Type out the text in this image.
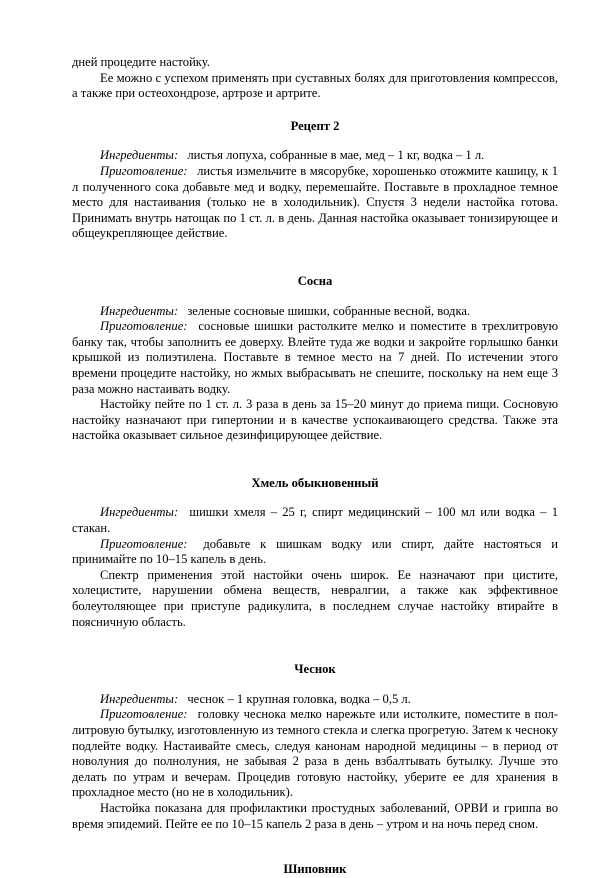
дней процедите настойку.

Ее можно с успехом применять при суставных болях для приготовления компрессов, а также при остеохондрозе, артрозе и артрите.

Рецепт 2

Ингредиенты: листья лопуха, собранные в мае, мед – 1 кг, водка – 1 л.

Приготовление: листья измельчите в мясорубке, хорошенько отожмите кашицу, к 1 л полученного сока добавьте мед и водку, перемешайте. Поставьте в прохладное темное место для настаивания (только не в холодильник). Спустя 3 недели настойка готова. Принимать внутрь натощак по 1 ст. л. в день. Данная настойка оказывает тонизирующее и общеукрепляющее действие.

Сосна

Ингредиенты: зеленые сосновые шишки, собранные весной, водка.

Приготовление: сосновые шишки растолките мелко и поместите в трехлитровую банку так, чтобы заполнить ее доверху. Влейте туда же водки и закройте горлышко банки крышкой из полиэтилена. Поставьте в темное место на 7 дней. По истечении этого времени процедите настойку, но жмых выбрасывать не спешите, поскольку на нем еще 3 раза можно настаивать водку.

Настойку пейте по 1 ст. л. 3 раза в день за 15–20 минут до приема пищи. Сосновую настойку назначают при гипертонии и в качестве успокаивающего средства. Также эта настойка оказывает сильное дезинфицирующее действие.

Хмель обыкновенный

Ингредиенты: шишки хмеля – 25 г, спирт медицинский – 100 мл или водка – 1 стакан.

Приготовление: добавьте к шишкам водку или спирт, дайте настояться и принимайте по 10–15 капель в день.

Спектр применения этой настойки очень широк. Ее назначают при цистите, холецистите, нарушении обмена веществ, невралгии, а также как эффективное болеутоляющее при приступе радикулита, в последнем случае настойку втирайте в поясничную область.

Чеснок

Ингредиенты: чеснок – 1 крупная головка, водка – 0,5 л.

Приготовление: головку чеснока мелко нарежьте или истолките, поместите в пол-литровую бутылку, изготовленную из темного стекла и слегка прогретую. Затем к чесноку подлейте водку. Настаивайте смесь, следуя канонам народной медицины – в период от новолуния до полнолуния, не забывая 2 раза в день взбалтывать бутылку. Лучше это делать по утрам и вечерам. Процедив готовую настойку, уберите ее для хранения в прохладное место (но не в холодильник).

Настойка показана для профилактики простудных заболеваний, ОРВИ и гриппа во время эпидемий. Пейте ее по 10–15 капель 2 раза в день – утром и на ночь перед сном.

Шиповник
